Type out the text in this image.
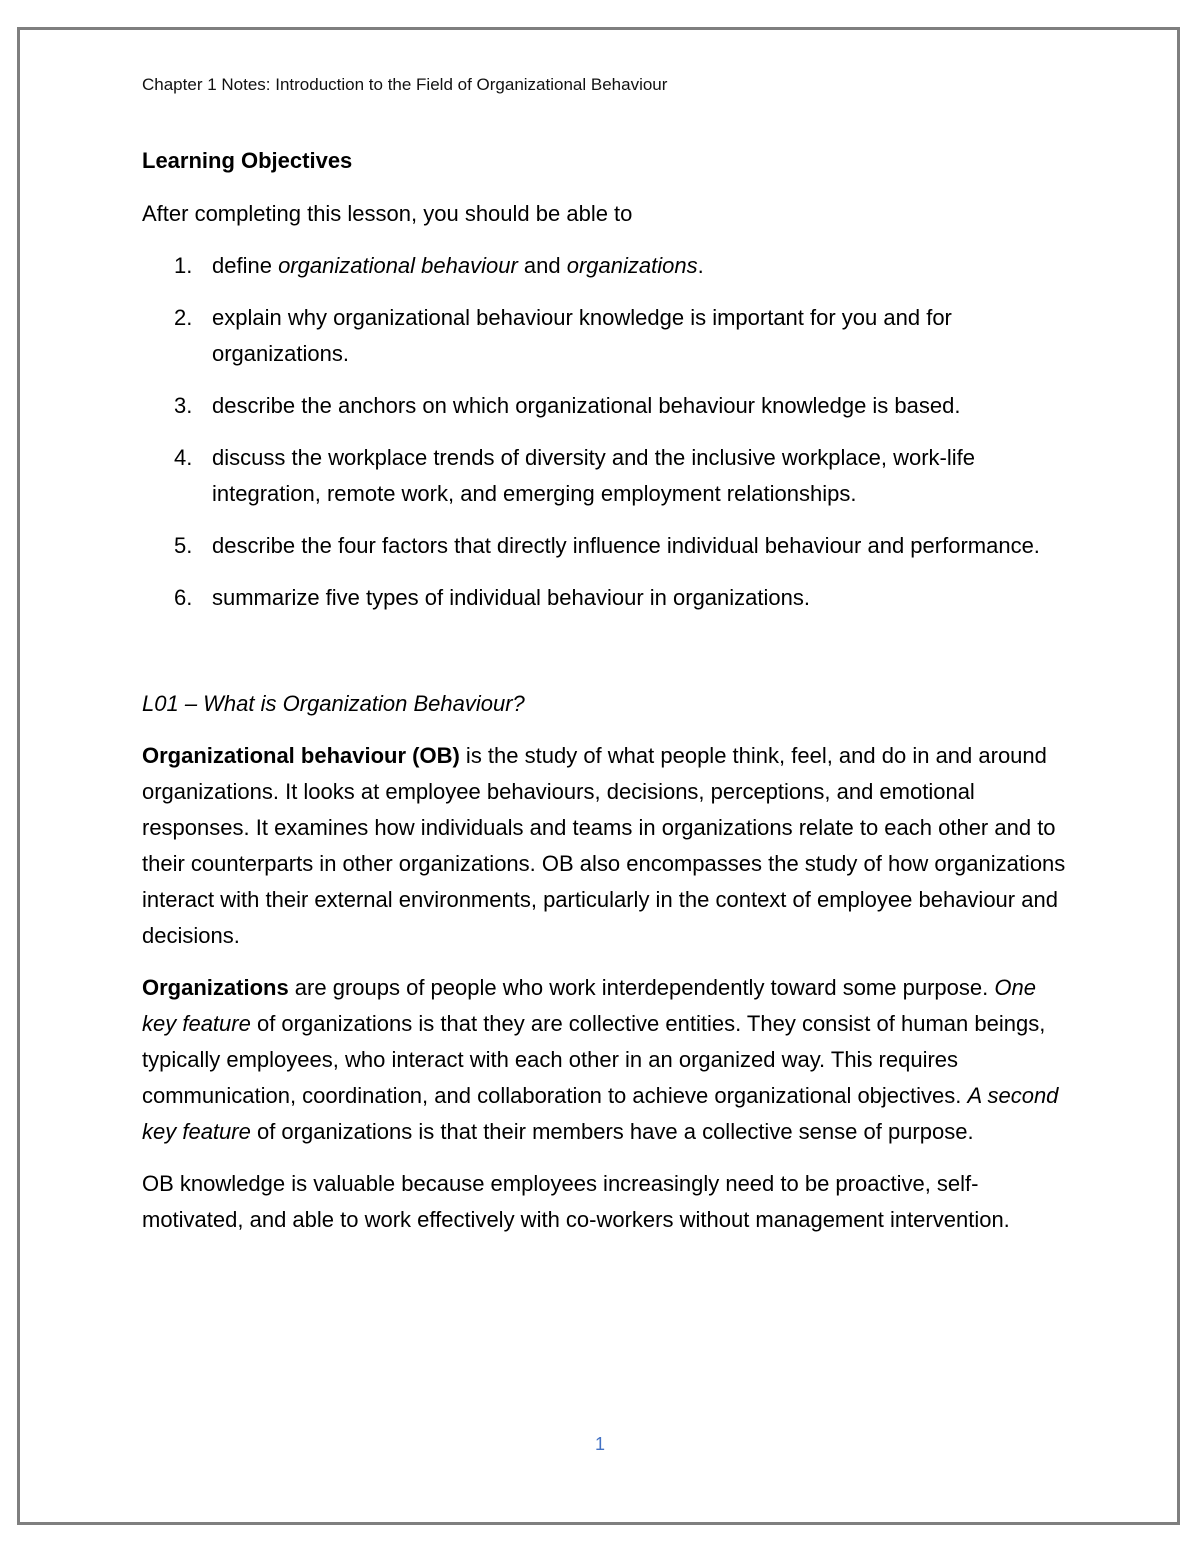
Chapter 1 Notes: Introduction to the Field of Organizational Behaviour

Learning Objectives

After completing this lesson, you should be able to

1. define organizational behaviour and organizations.
2. explain why organizational behaviour knowledge is important for you and for organizations.
3. describe the anchors on which organizational behaviour knowledge is based.
4. discuss the workplace trends of diversity and the inclusive workplace, work-life integration, remote work, and emerging employment relationships.
5. describe the four factors that directly influence individual behaviour and performance.
6. summarize five types of individual behaviour in organizations.

L01 – What is Organization Behaviour?

Organizational behaviour (OB) is the study of what people think, feel, and do in and around organizations. It looks at employee behaviours, decisions, perceptions, and emotional responses. It examines how individuals and teams in organizations relate to each other and to their counterparts in other organizations. OB also encompasses the study of how organizations interact with their external environments, particularly in the context of employee behaviour and decisions.

Organizations are groups of people who work interdependently toward some purpose. One key feature of organizations is that they are collective entities. They consist of human beings, typically employees, who interact with each other in an organized way. This requires communication, coordination, and collaboration to achieve organizational objectives. A second key feature of organizations is that their members have a collective sense of purpose.

OB knowledge is valuable because employees increasingly need to be proactive, self-motivated, and able to work effectively with co-workers without management intervention.

1
